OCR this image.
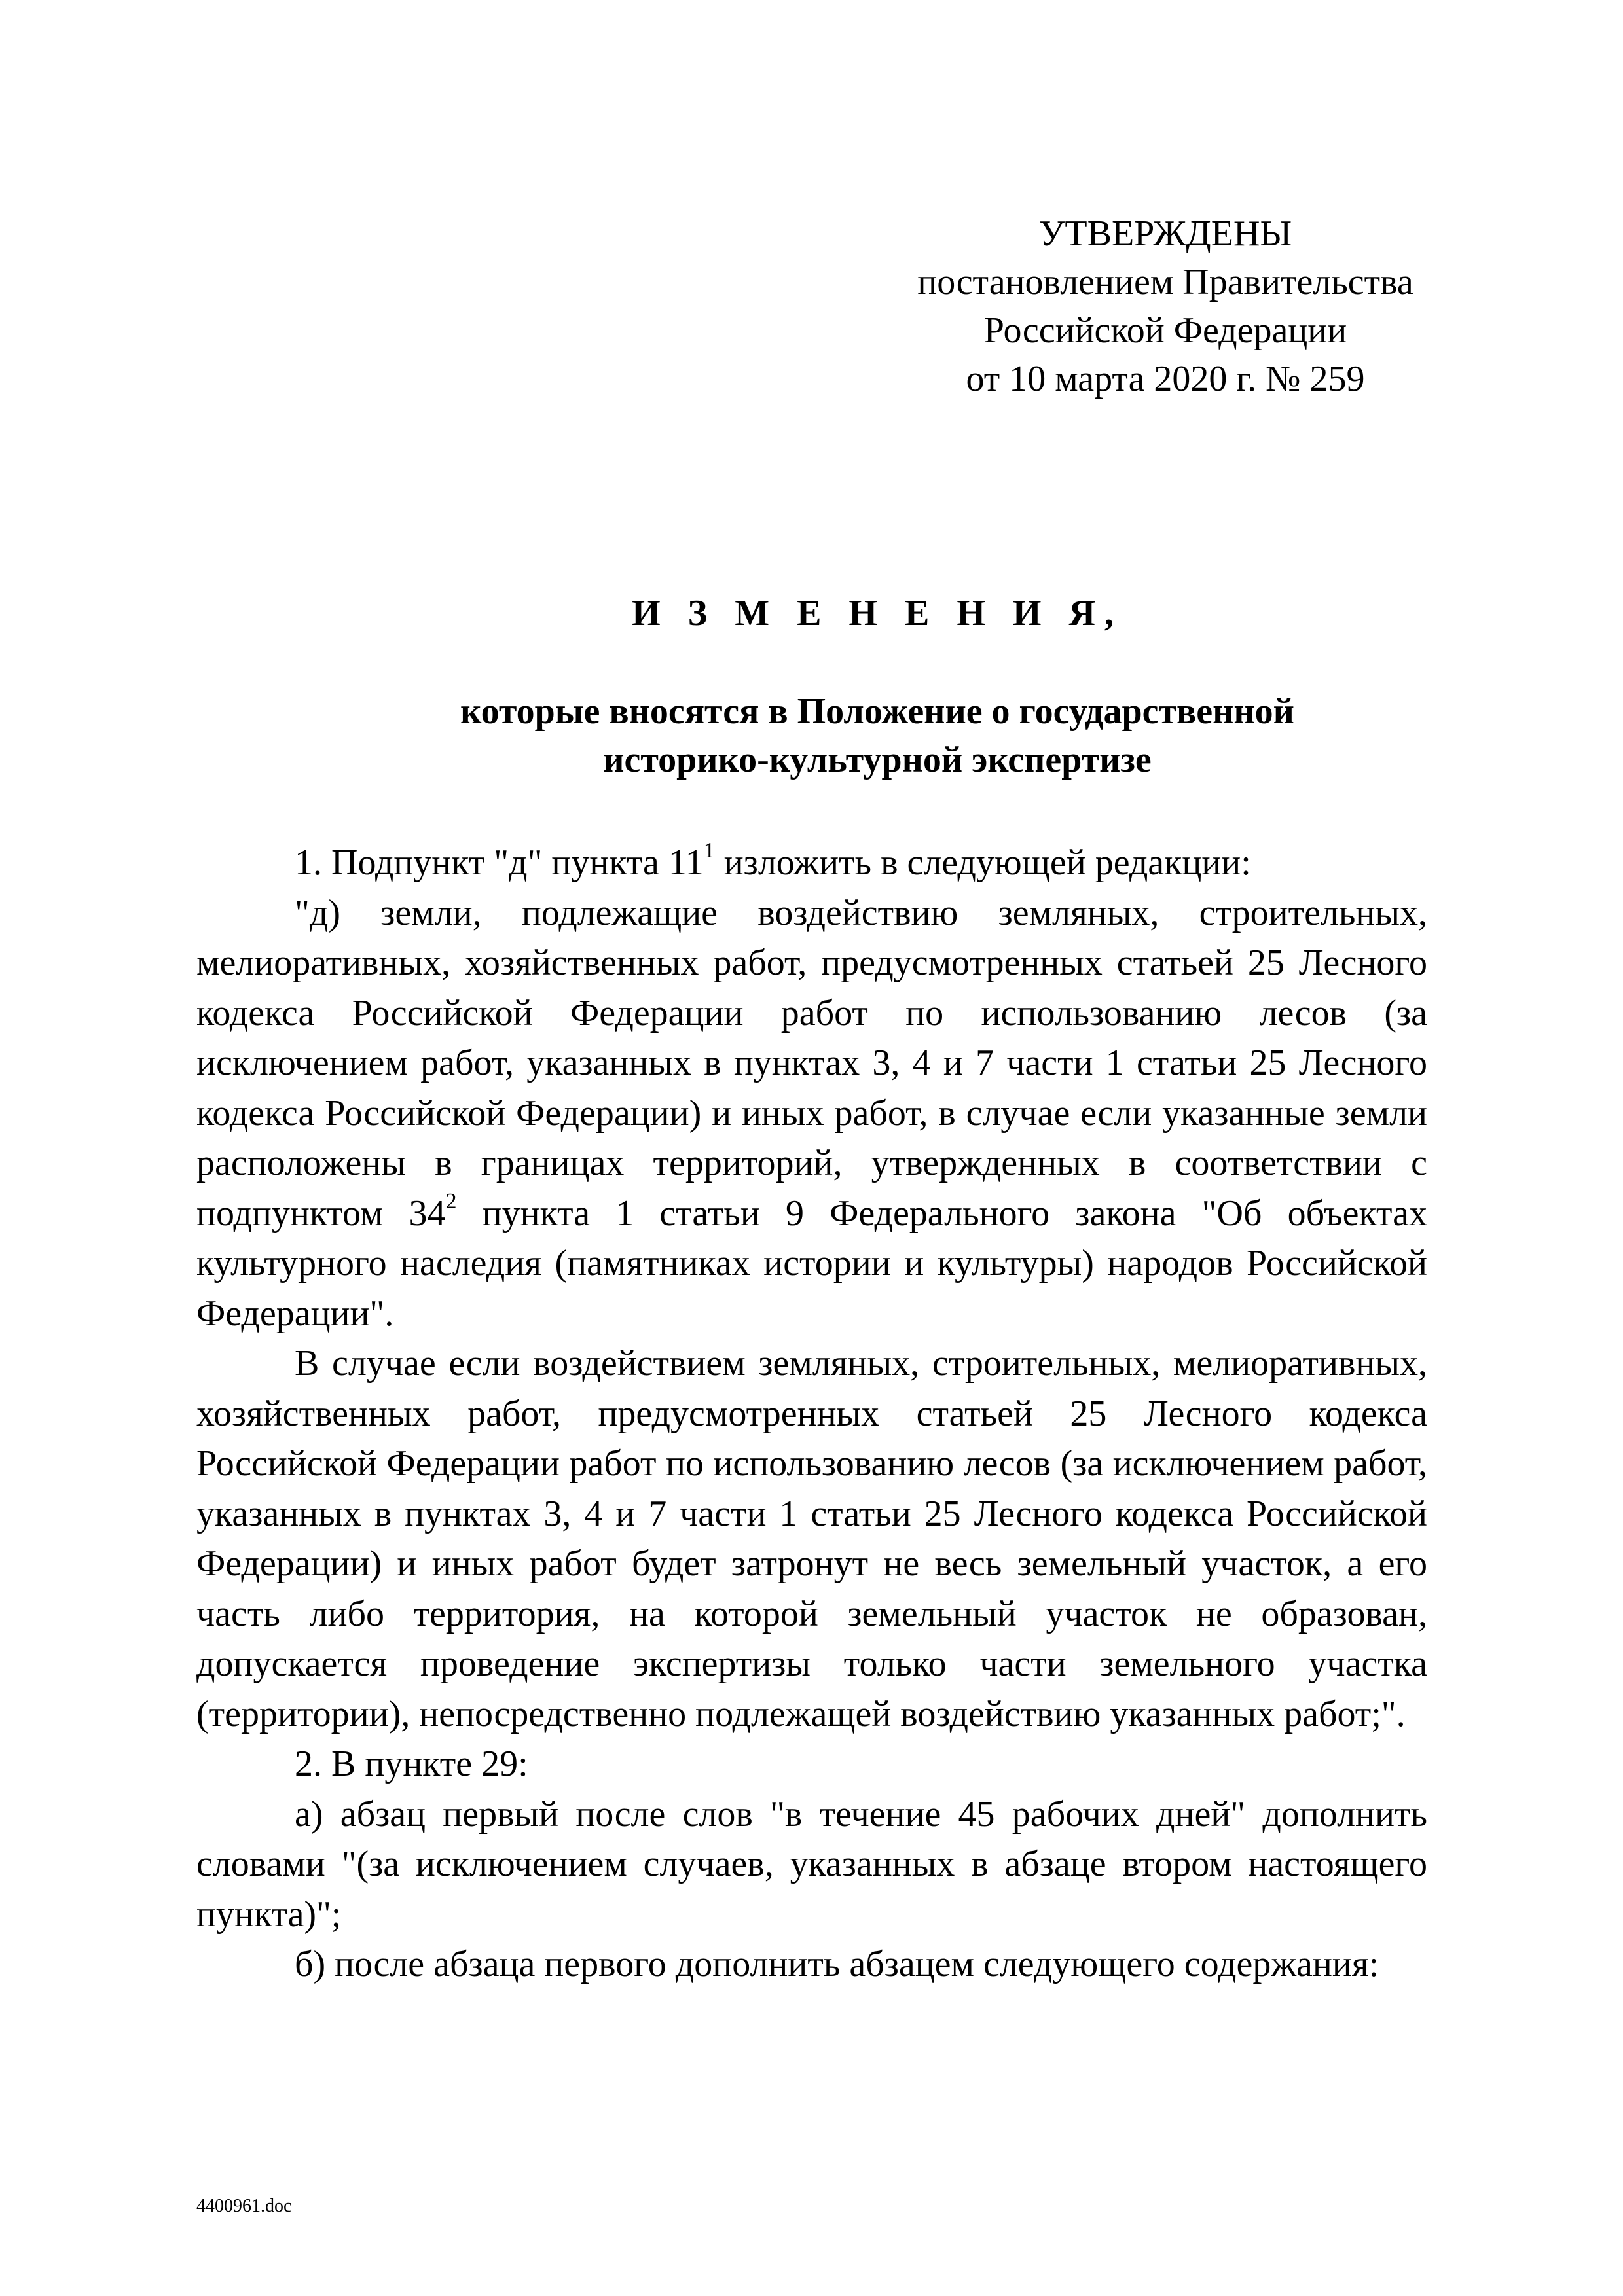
УТВЕРЖДЕНЫ
постановлением Правительства
Российской Федерации
от 10 марта 2020 г. № 259
И З М Е Н Е Н И Я,
которые вносятся в Положение о государственной
историко-культурной экспертизе

1. Подпункт "д" пункта $11^1$ изложить в следующей редакции:

"д) земли, подлежащие воздействию земляных, строительных, мелиоративных, хозяйственных работ, предусмотренных статьей 25 Лесного кодекса Российской Федерации работ по использованию лесов (за исключением работ, указанных в пунктах 3, 4 и 7 части 1 статьи 25 Лесного кодекса Российской Федерации) и иных работ, в случае если указанные земли расположены в границах территорий, утвержденных в соответствии с подпунктом $34^2$ пункта 1 статьи 9 Федерального закона "Об объектах культурного наследия (памятниках истории и культуры) народов Российской Федерации".

В случае если воздействием земляных, строительных, мелиоративных, хозяйственных работ, предусмотренных статьей 25 Лесного кодекса Российской Федерации работ по использованию лесов (за исключением работ, указанных в пунктах 3, 4 и 7 части 1 статьи 25 Лесного кодекса Российской Федерации) и иных работ будет затронут не весь земельный участок, а его часть либо территория, на которой земельный участок не образован, допускается проведение экспертизы только части земельного участка (территории), непосредственно подлежащей воздействию указанных работ;".

2. В пункте 29:

а) абзац первый после слов "в течение 45 рабочих дней" дополнить словами "(за исключением случаев, указанных в абзаце втором настоящего пункта)";

б) после абзаца первого дополнить абзацем следующего содержания:

4400961.doc
